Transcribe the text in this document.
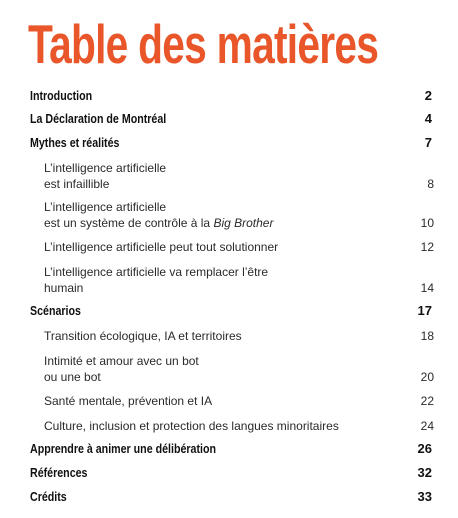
Table des matières
Introduction	2
La Déclaration de Montréal	4
Mythes et réalités	7
L’intelligence artificielle
est infaillible	8
L’intelligence artificielle
est un système de contrôle à la Big Brother	10
L’intelligence artificielle peut tout solutionner	12
L’intelligence artificielle va remplacer l’être
humain	14
Scénarios	17
Transition écologique, IA et territoires	18
Intimité et amour avec un bot
ou une bot	20
Santé mentale, prévention et IA	22
Culture, inclusion et protection des langues minoritaires	24
Apprendre à animer une délibération	26
Références	32
Crédits	33
